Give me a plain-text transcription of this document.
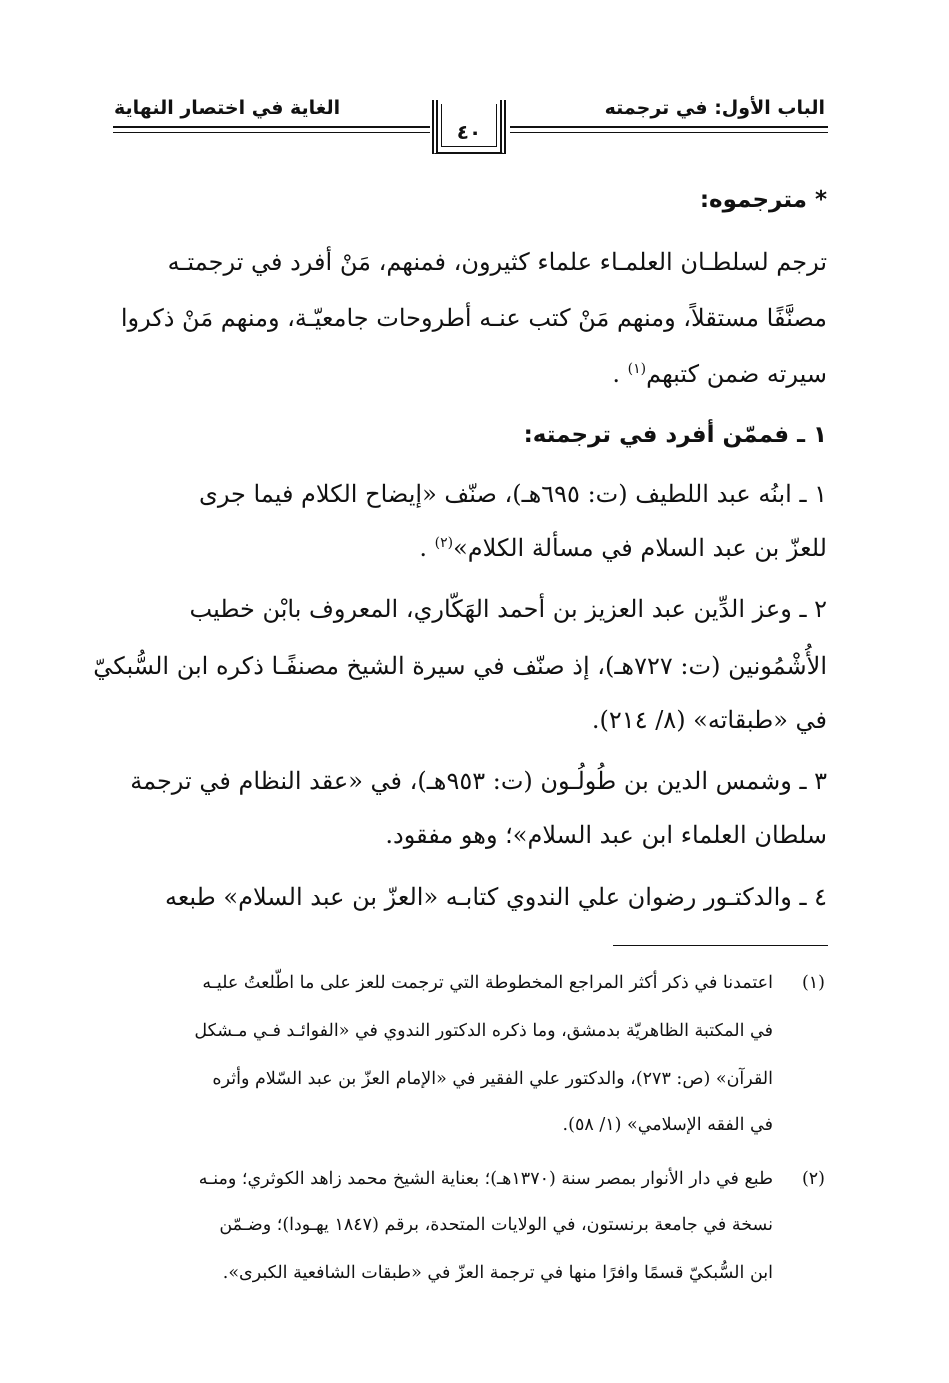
الباب الأول: في ترجمته
الغاية في اختصار النهاية
٤٠
* مترجموه:
ترجم لسلطـان العلمـاء علماء كثيرون، فمنهم، مَنْ أفرد في ترجمتـه
مصنَّفًا مستقلاً، ومنهم مَنْ كتب عنـه أطروحات جامعيّـة، ومنهم مَنْ ذكروا
سيرته ضمن كتبهم$^{(١)}$ .
١ ـ فممّن أفرد في ترجمته:
١ ـ ابنُه عبد اللطيف (ت: ٦٩٥هـ)، صنّف «إيضاح الكلام فيما جرى
للعزّ بن عبد السلام في مسألة الكلام»$^{(٢)}$ .
٢ ـ وعز الدِّين عبد العزيز بن أحمد الهَكّاري، المعروف بابْن خطيب
الأُشْمُونين (ت: ٧٢٧هـ)، إذ صنّف في سيرة الشيخ مصنفًـا ذكره ابن السُّبكيّ
في «طبقاته» (٨/ ٢١٤).
٣ ـ وشمس الدين بن طُولُـون (ت: ٩٥٣هـ)، في «عقد النظام في ترجمة
سلطان العلماء ابن عبد السلام»؛ وهو مفقود.
٤ ـ والدكتـور رضوان علي الندوي كتابـه «العزّ بن عبد السلام» طبعه
(١)
اعتمدنا في ذكر أكثر المراجع المخطوطة التي ترجمت للعز على ما اطّلعتُ عليـه
في المكتبة الظاهريّة بدمشق، وما ذكره الدكتور الندوي في «الفوائـد فـي مـشكل
القرآن» (ص: ٢٧٣)، والدكتور علي الفقير في «الإمام العزّ بن عبد السّلام وأثره
في الفقه الإسلامي» (١/ ٥٨).
(٢)
طبع في دار الأنوار بمصر سنة (١٣٧٠هـ)؛ بعناية الشيخ محمد زاهد الكوثري؛ ومنـه
نسخة في جامعة برنستون، في الولايات المتحدة، برقم (١٨٤٧ يهـودا)؛ وضـمّن
ابن السُّبكيّ قسمًا وافرًا منها في ترجمة العزّ في «طبقات الشافعية الكبرى».
